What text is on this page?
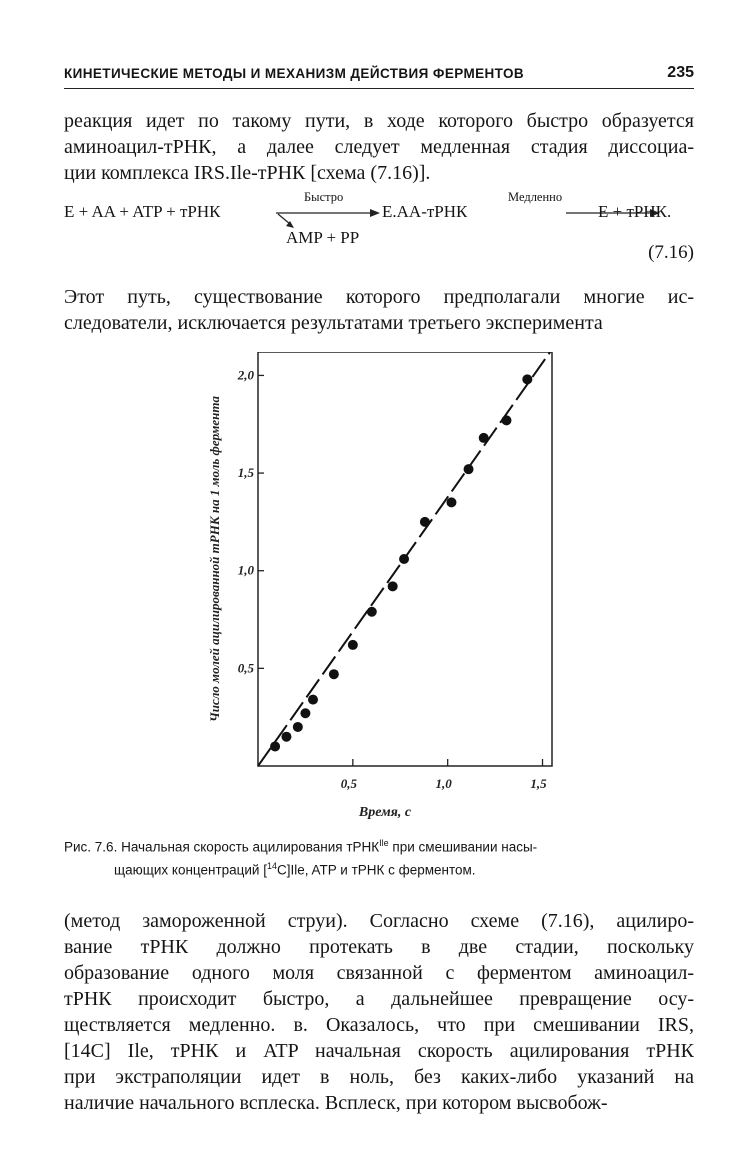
КИНЕТИЧЕСКИЕ МЕТОДЫ И МЕХАНИЗМ ДЕЙСТВИЯ ФЕРМЕНТОВ	235
реакция идет по такому пути, в ходе которого быстро образуется
аминоацил-тРНК, а далее следует медленная стадия диссоциа-
ции комплекса IRS.Ile-тРНК [схема (7.16)].
E + AA + ATP + тРНК
Быстро
E.AA-тРНК
Медленно
E + тРНК.
AMP + PP
(7.16)
Этот путь, существование которого предполагали многие ис-
следователи, исключается результатами третьего эксперимента
0,5
1,0
1,5
2,0
0,5	1,0	1,5
Время, с
Число молей ацилированной тРНК на 1 моль фермента
Рис. 7.6. Начальная скорость ацилирования тРНК$^{Ile}$ при смешивании насы-
щающих концентраций [$^{14}$C]Ile, ATP и тРНК с ферментом.
(метод замороженной струи). Согласно схеме (7.16), ацилиро-
вание тРНК должно протекать в две стадии, поскольку
образование одного моля связанной с ферментом аминоацил-
тРНК происходит быстро, а дальнейшее превращение осу-
ществляется медленно. в. Оказалось, что при смешивании IRS,
[14C] Ile, тРНК и ATP начальная скорость ацилирования тРНК
при экстраполяции идет в ноль, без каких-либо указаний на
наличие начального всплеска. Всплеск, при котором высвобож-
